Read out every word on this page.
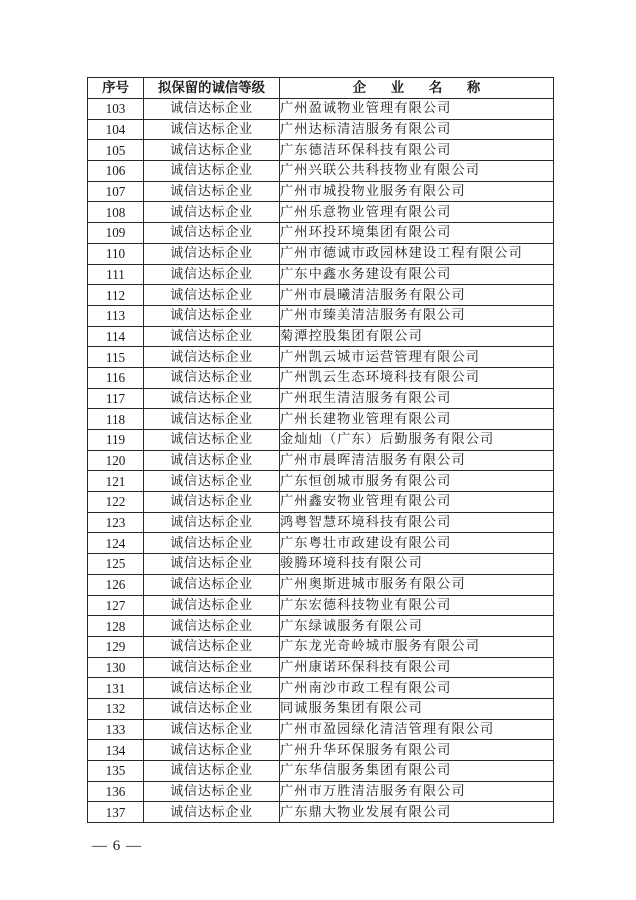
序号	拟保留的诚信等级	企 业 名 称
103	诚信达标企业	广州盈诚物业管理有限公司
104	诚信达标企业	广州达标清洁服务有限公司
105	诚信达标企业	广东德洁环保科技有限公司
106	诚信达标企业	广州兴联公共科技物业有限公司
107	诚信达标企业	广州市城投物业服务有限公司
108	诚信达标企业	广州乐意物业管理有限公司
109	诚信达标企业	广州环投环境集团有限公司
110	诚信达标企业	广州市德诚市政园林建设工程有限公司
111	诚信达标企业	广东中鑫水务建设有限公司
112	诚信达标企业	广州市晨曦清洁服务有限公司
113	诚信达标企业	广州市臻美清洁服务有限公司
114	诚信达标企业	菊潭控股集团有限公司
115	诚信达标企业	广州凯云城市运营管理有限公司
116	诚信达标企业	广州凯云生态环境科技有限公司
117	诚信达标企业	广州珉生清洁服务有限公司
118	诚信达标企业	广州长建物业管理有限公司
119	诚信达标企业	金灿灿（广东）后勤服务有限公司
120	诚信达标企业	广州市晨晖清洁服务有限公司
121	诚信达标企业	广东恒创城市服务有限公司
122	诚信达标企业	广州鑫安物业管理有限公司
123	诚信达标企业	鸿粤智慧环境科技有限公司
124	诚信达标企业	广东粤壮市政建设有限公司
125	诚信达标企业	骏腾环境科技有限公司
126	诚信达标企业	广州奥斯进城市服务有限公司
127	诚信达标企业	广东宏德科技物业有限公司
128	诚信达标企业	广东绿诚服务有限公司
129	诚信达标企业	广东龙光奇岭城市服务有限公司
130	诚信达标企业	广州康诺环保科技有限公司
131	诚信达标企业	广州南沙市政工程有限公司
132	诚信达标企业	同诚服务集团有限公司
133	诚信达标企业	广州市盈园绿化清洁管理有限公司
134	诚信达标企业	广州升华环保服务有限公司
135	诚信达标企业	广东华信服务集团有限公司
136	诚信达标企业	广州市万胜清洁服务有限公司
137	诚信达标企业	广东鼎大物业发展有限公司
— 6 —
